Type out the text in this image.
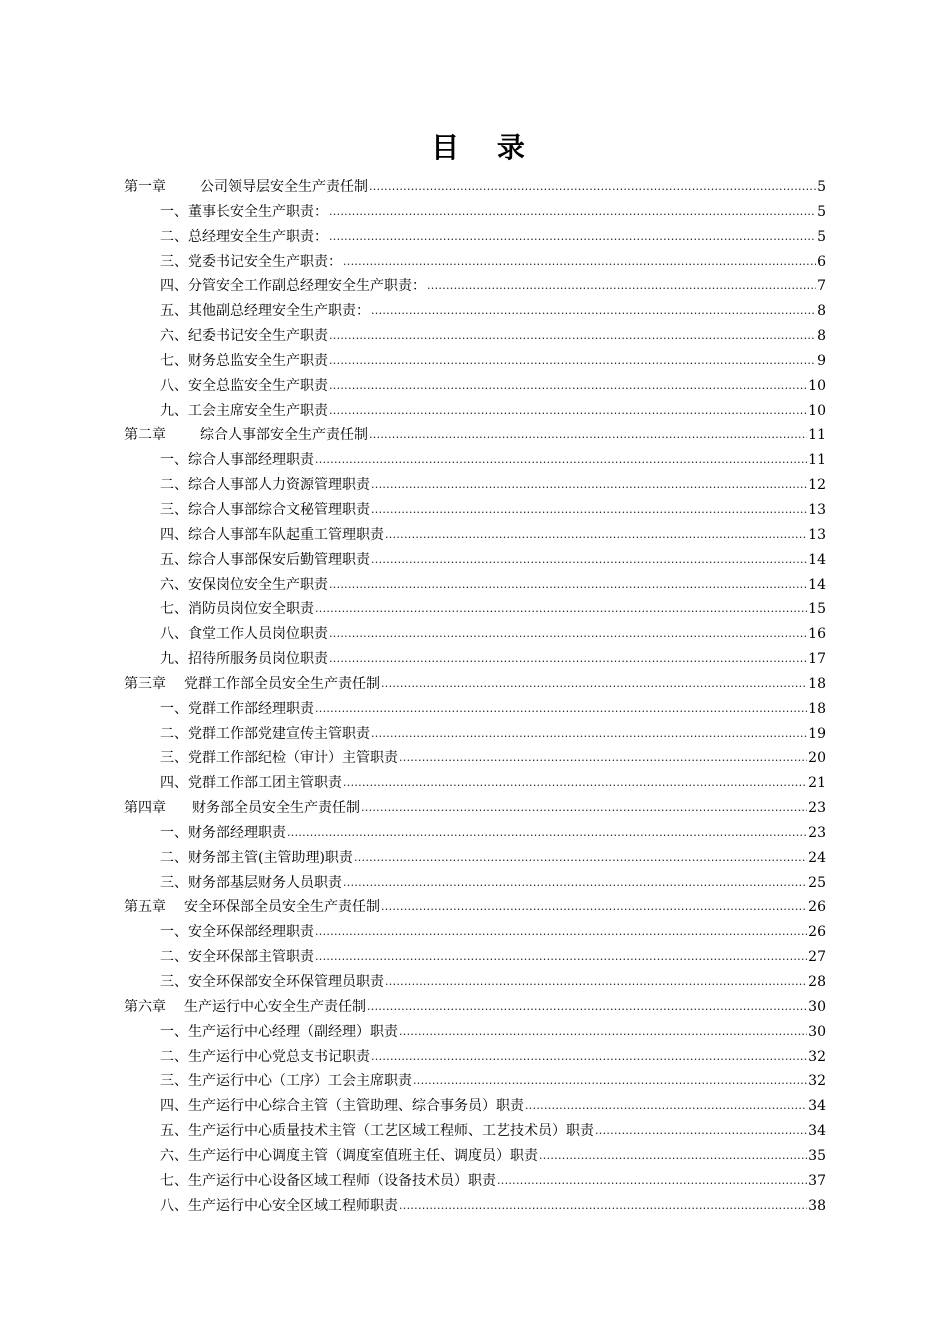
目 录
第一章 公司领导层安全生产责任制 .....	5
一、董事长安全生产职责： .....	5
二、总经理安全生产职责： .....	5
三、党委书记安全生产职责： .....	6
四、分管安全工作副总经理安全生产职责： .....	7
五、其他副总经理安全生产职责： .....	8
六、纪委书记安全生产职责 .....	8
七、财务总监安全生产职责 .....	9
八、安全总监安全生产职责 .....	10
九、工会主席安全生产职责 .....	10
第二章 综合人事部安全生产责任制 .....	11
一、综合人事部经理职责 .....	11
二、综合人事部人力资源管理职责 .....	12
三、综合人事部综合文秘管理职责 .....	13
四、综合人事部车队起重工管理职责 .....	13
五、综合人事部保安后勤管理职责 .....	14
六、安保岗位安全生产职责 .....	14
七、消防员岗位安全职责 .....	15
八、食堂工作人员岗位职责 .....	16
九、招待所服务员岗位职责 .....	17
第三章 党群工作部全员安全生产责任制 .....	18
一、党群工作部经理职责 .....	18
二、党群工作部党建宣传主管职责 .....	19
三、党群工作部纪检（审计）主管职责 .....	20
四、党群工作部工团主管职责 .....	21
第四章 财务部全员安全生产责任制 .....	23
一、财务部经理职责 .....	23
二、财务部主管(主管助理)职责 .....	24
三、财务部基层财务人员职责 .....	25
第五章 安全环保部全员安全生产责任制 .....	26
一、安全环保部经理职责 .....	26
二、安全环保部主管职责 .....	27
三、安全环保部安全环保管理员职责 .....	28
第六章 生产运行中心安全生产责任制 .....	30
一、生产运行中心经理（副经理）职责 .....	30
二、生产运行中心党总支书记职责 .....	32
三、生产运行中心（工序）工会主席职责 .....	32
四、生产运行中心综合主管（主管助理、综合事务员）职责 .....	34
五、生产运行中心质量技术主管（工艺区域工程师、工艺技术员）职责 .....	34
六、生产运行中心调度主管（调度室值班主任、调度员）职责 .....	35
七、生产运行中心设备区域工程师（设备技术员）职责 .....	37
八、生产运行中心安全区域工程师职责 .....	38
